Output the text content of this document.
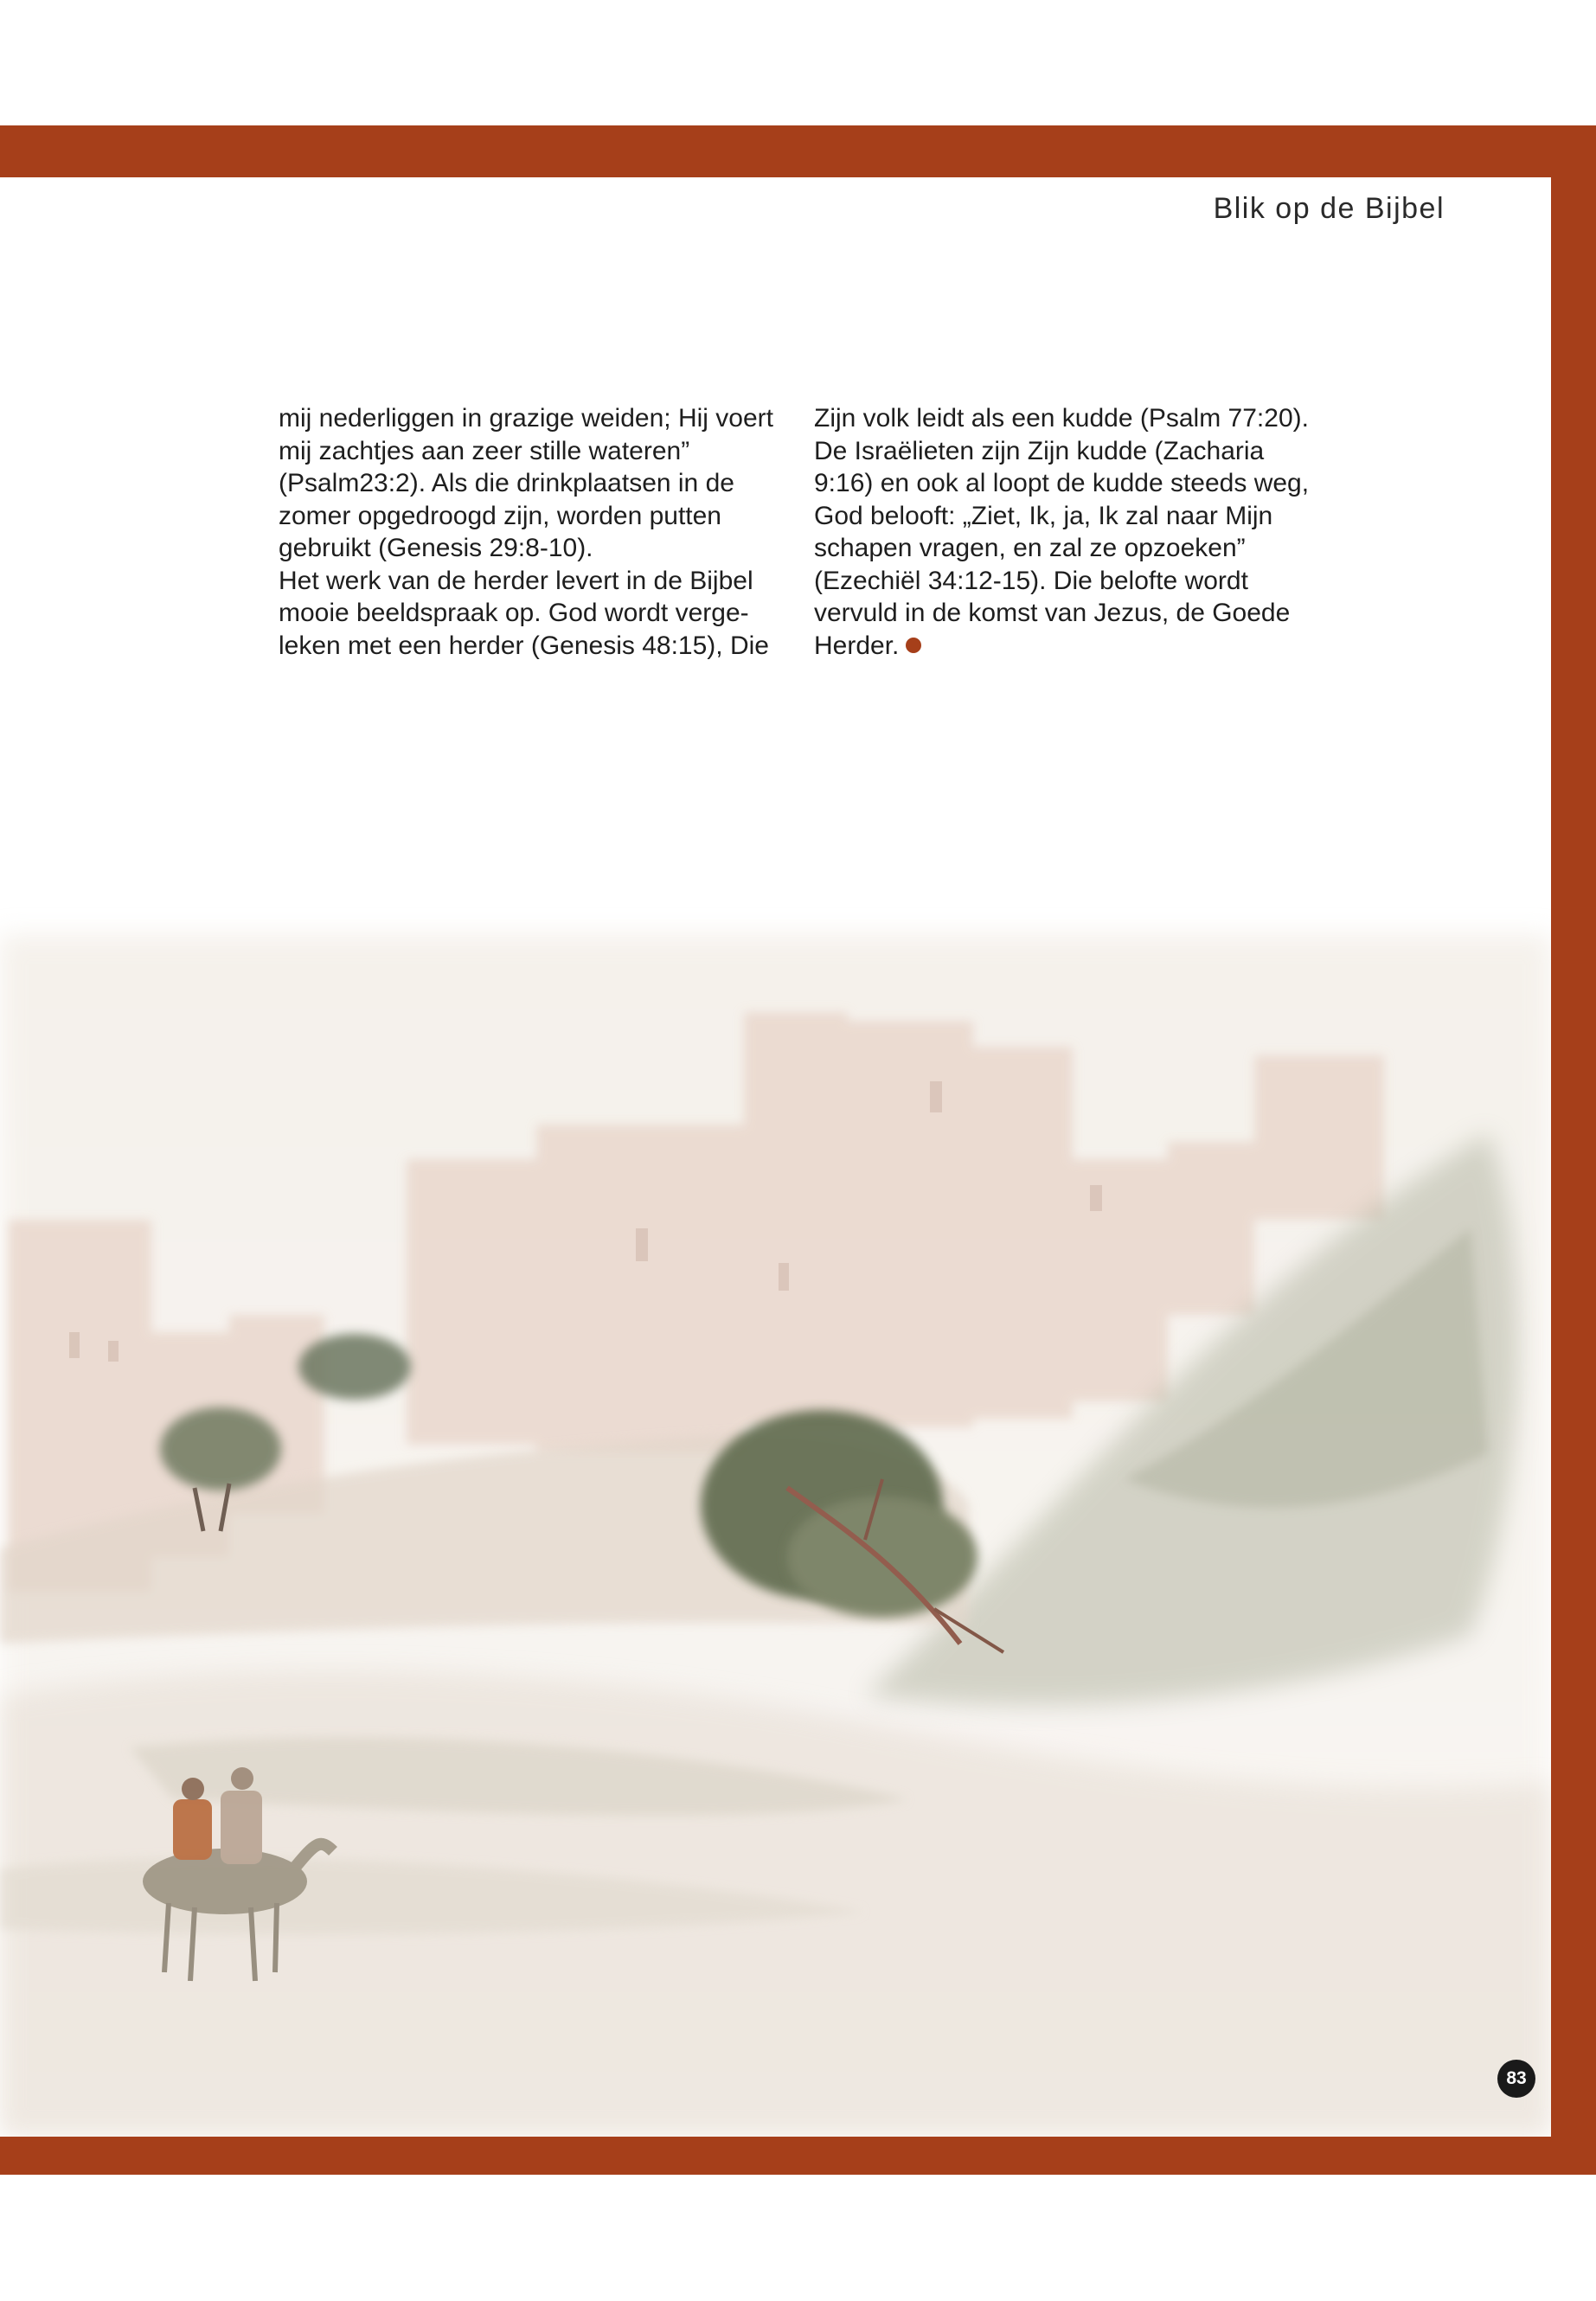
Blik op de Bijbel

mij nederliggen in grazige weiden; Hij voert mij zachtjes aan zeer stille wateren” (Psalm23:2). Als die drinkplaatsen in de zomer opgedroogd zijn, worden putten gebruikt (Genesis 29:8-10).

Het werk van de herder levert in de Bijbel mooie beeldspraak op. God wordt vergeleken met een herder (Genesis 48:15), Die

Zijn volk leidt als een kudde (Psalm 77:20). De Israëlieten zijn Zijn kudde (Zacharia 9:16) en ook al loopt de kudde steeds weg, God belooft: „Ziet, Ik, ja, Ik zal naar Mijn schapen vragen, en zal ze opzoeken” (Ezechiël 34:12-15). Die belofte wordt vervuld in de komst van Jezus, de Goede Herder.

83
